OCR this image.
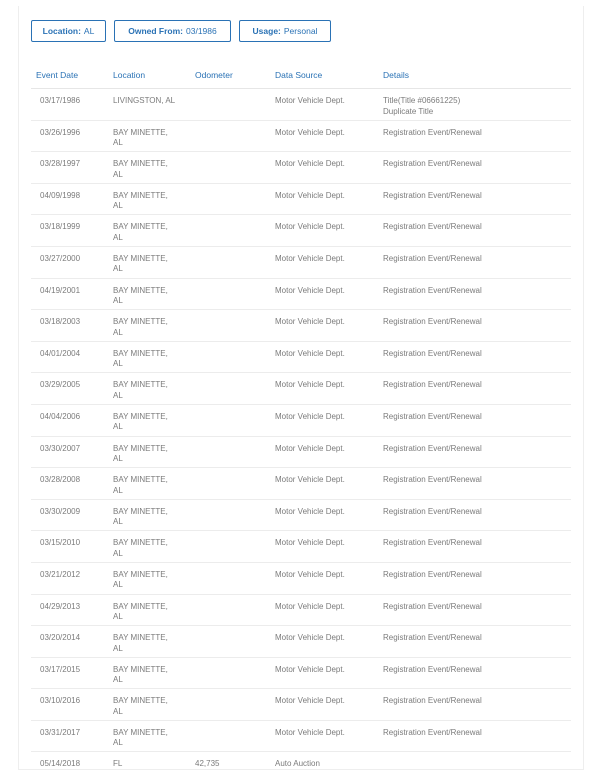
Location: AL	Owned From: 03/1986	Usage: Personal
Event Date	Location	Odometer	Data Source	Details

03/17/1986	LIVINGSTON, AL		Motor Vehicle Dept.	Title(Title #06661225)
Duplicate Title

03/26/1996	BAY MINETTE, AL		Motor Vehicle Dept.	Registration Event/Renewal

03/28/1997	BAY MINETTE, AL		Motor Vehicle Dept.	Registration Event/Renewal

04/09/1998	BAY MINETTE, AL		Motor Vehicle Dept.	Registration Event/Renewal

03/18/1999	BAY MINETTE, AL		Motor Vehicle Dept.	Registration Event/Renewal

03/27/2000	BAY MINETTE, AL		Motor Vehicle Dept.	Registration Event/Renewal

04/19/2001	BAY MINETTE, AL		Motor Vehicle Dept.	Registration Event/Renewal

03/18/2003	BAY MINETTE, AL		Motor Vehicle Dept.	Registration Event/Renewal

04/01/2004	BAY MINETTE, AL		Motor Vehicle Dept.	Registration Event/Renewal

03/29/2005	BAY MINETTE, AL		Motor Vehicle Dept.	Registration Event/Renewal

04/04/2006	BAY MINETTE, AL		Motor Vehicle Dept.	Registration Event/Renewal

03/30/2007	BAY MINETTE, AL		Motor Vehicle Dept.	Registration Event/Renewal

03/28/2008	BAY MINETTE, AL		Motor Vehicle Dept.	Registration Event/Renewal

03/30/2009	BAY MINETTE, AL		Motor Vehicle Dept.	Registration Event/Renewal

03/15/2010	BAY MINETTE, AL		Motor Vehicle Dept.	Registration Event/Renewal

03/21/2012	BAY MINETTE, AL		Motor Vehicle Dept.	Registration Event/Renewal

04/29/2013	BAY MINETTE, AL		Motor Vehicle Dept.	Registration Event/Renewal

03/20/2014	BAY MINETTE, AL		Motor Vehicle Dept.	Registration Event/Renewal

03/17/2015	BAY MINETTE, AL		Motor Vehicle Dept.	Registration Event/Renewal

03/10/2016	BAY MINETTE, AL		Motor Vehicle Dept.	Registration Event/Renewal

03/31/2017	BAY MINETTE, AL		Motor Vehicle Dept.	Registration Event/Renewal

05/14/2018	FL	42,735	Auto Auction	
